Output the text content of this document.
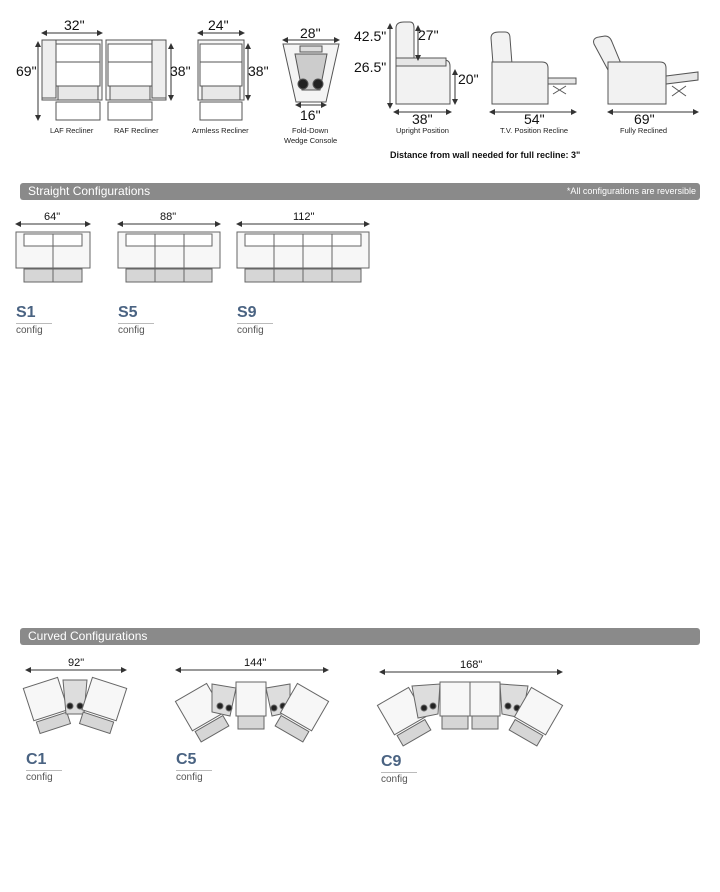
32"
69"
LAF Recliner
38"
RAF Recliner
24"
38"
Armless Recliner
28"
16"
Fold-Down
Wedge Console
42.5"
26.5"
27"
20"
38"
Upright Position
54"
T.V. Position Recline
69"
Fully Reclined
Distance from wall needed for full recline: 3"
64"	88"	112"
92"	144"	168"
Straight Configurations	*All configurations are reversible
Curved Configurations
S1
config
S5
config
S9
config
C1
config
C5
config
C9
config
